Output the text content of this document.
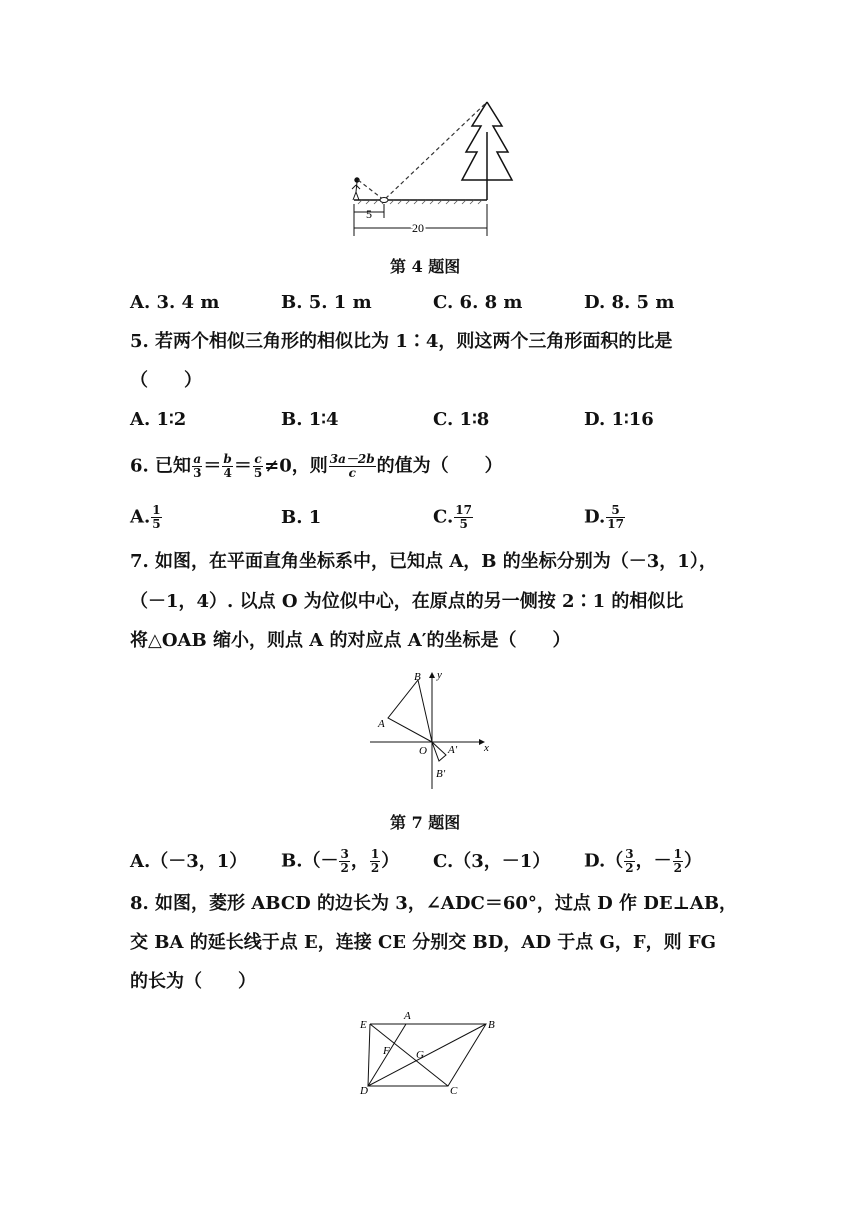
5
20
第 4 题图
A. 3. 4 m	B. 5. 1 m	C. 6. 8 m	D. 8. 5 m
5. 若两个相似三角形的相似比为 1∶4，则这两个三角形面积的比是
（　　）
A. 1∶2	B. 1∶4	C. 1∶8	D. 1∶16
6. 已知 $\frac{a}{3} = \frac{b}{4} = \frac{c}{5} \ne 0$，则 $\frac{3a-2b}{c}$ 的值为（　　）
A. $\frac{1}{5}$	B. 1	C. $\frac{17}{5}$	D. $\frac{5}{17}$
7. 如图，在平面直角坐标系中，已知点 A，B 的坐标分别为（－3，1），
（－1，4）. 以点 O 为位似中心，在原点的另一侧按 2∶1 的相似比
将△OAB 缩小，则点 A 的对应点 A′的坐标是（　　）
B
A
y
x
O A′
B′
第 7 题图
A.（－3，1） $B.(- \frac{3}{2}$ ， $\frac{1}{2}$ ） C.（3，－1） $D.( \frac{3}{2}$ ，－ $\frac{1}{2}$ ）
8. 如图，菱形 ABCD 的边长为 3，∠ADC＝60°，过点 D 作 DE⊥AB，
交 BA 的延长线于点 E，连接 CE 分别交 BD，AD 于点 G，F，则 FG
的长为（　　）
E
A
B
F G
D	C
